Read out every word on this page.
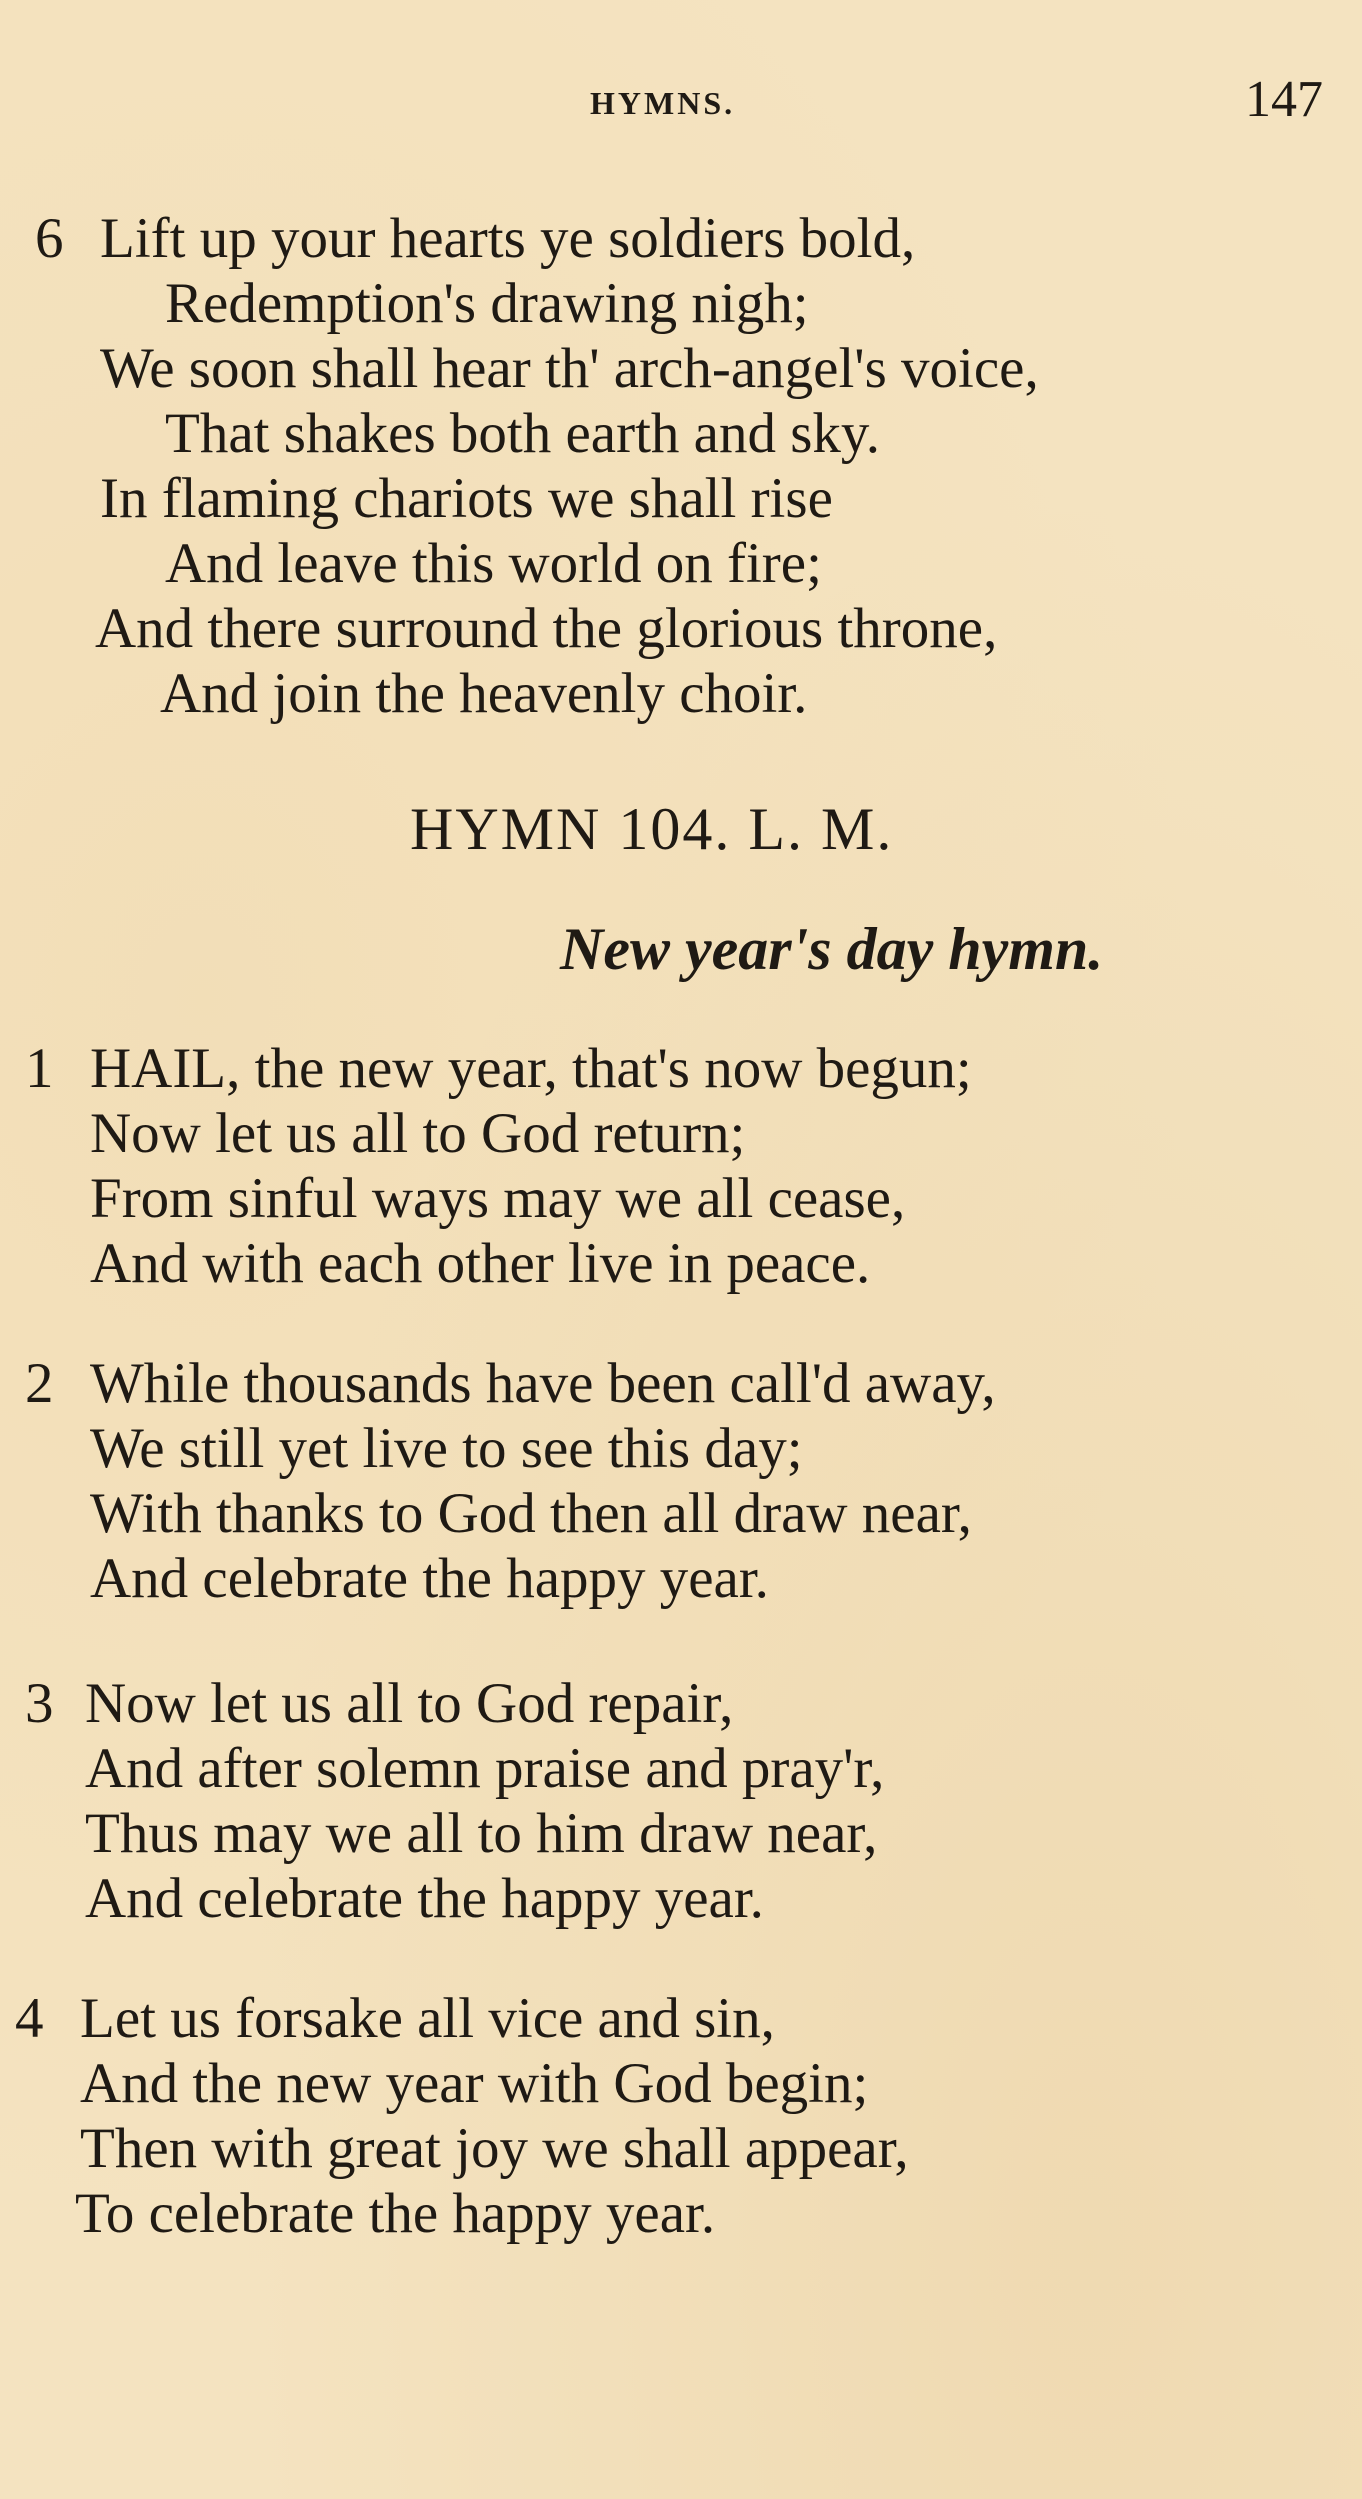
HYMNS.	147
6 Lift up your hearts ye soldiers bold,
Redemption's drawing nigh;
We soon shall hear th' arch-angel's voice,
That shakes both earth and sky.
In flaming chariots we shall rise
And leave this world on fire;
And there surround the glorious throne,
And join the heavenly choir.
HYMN 104. L. M.
New year's day hymn.
1 HAIL, the new year, that's now begun;
Now let us all to God return;
From sinful ways may we all cease,
And with each other live in peace.
2 While thousands have been call'd away,
We still yet live to see this day;
With thanks to God then all draw near,
And celebrate the happy year.
3 Now let us all to God repair,
And after solemn praise and pray'r,
Thus may we all to him draw near,
And celebrate the happy year.
4 Let us forsake all vice and sin,
And the new year with God begin;
Then with great joy we shall appear,
To celebrate the happy year.
